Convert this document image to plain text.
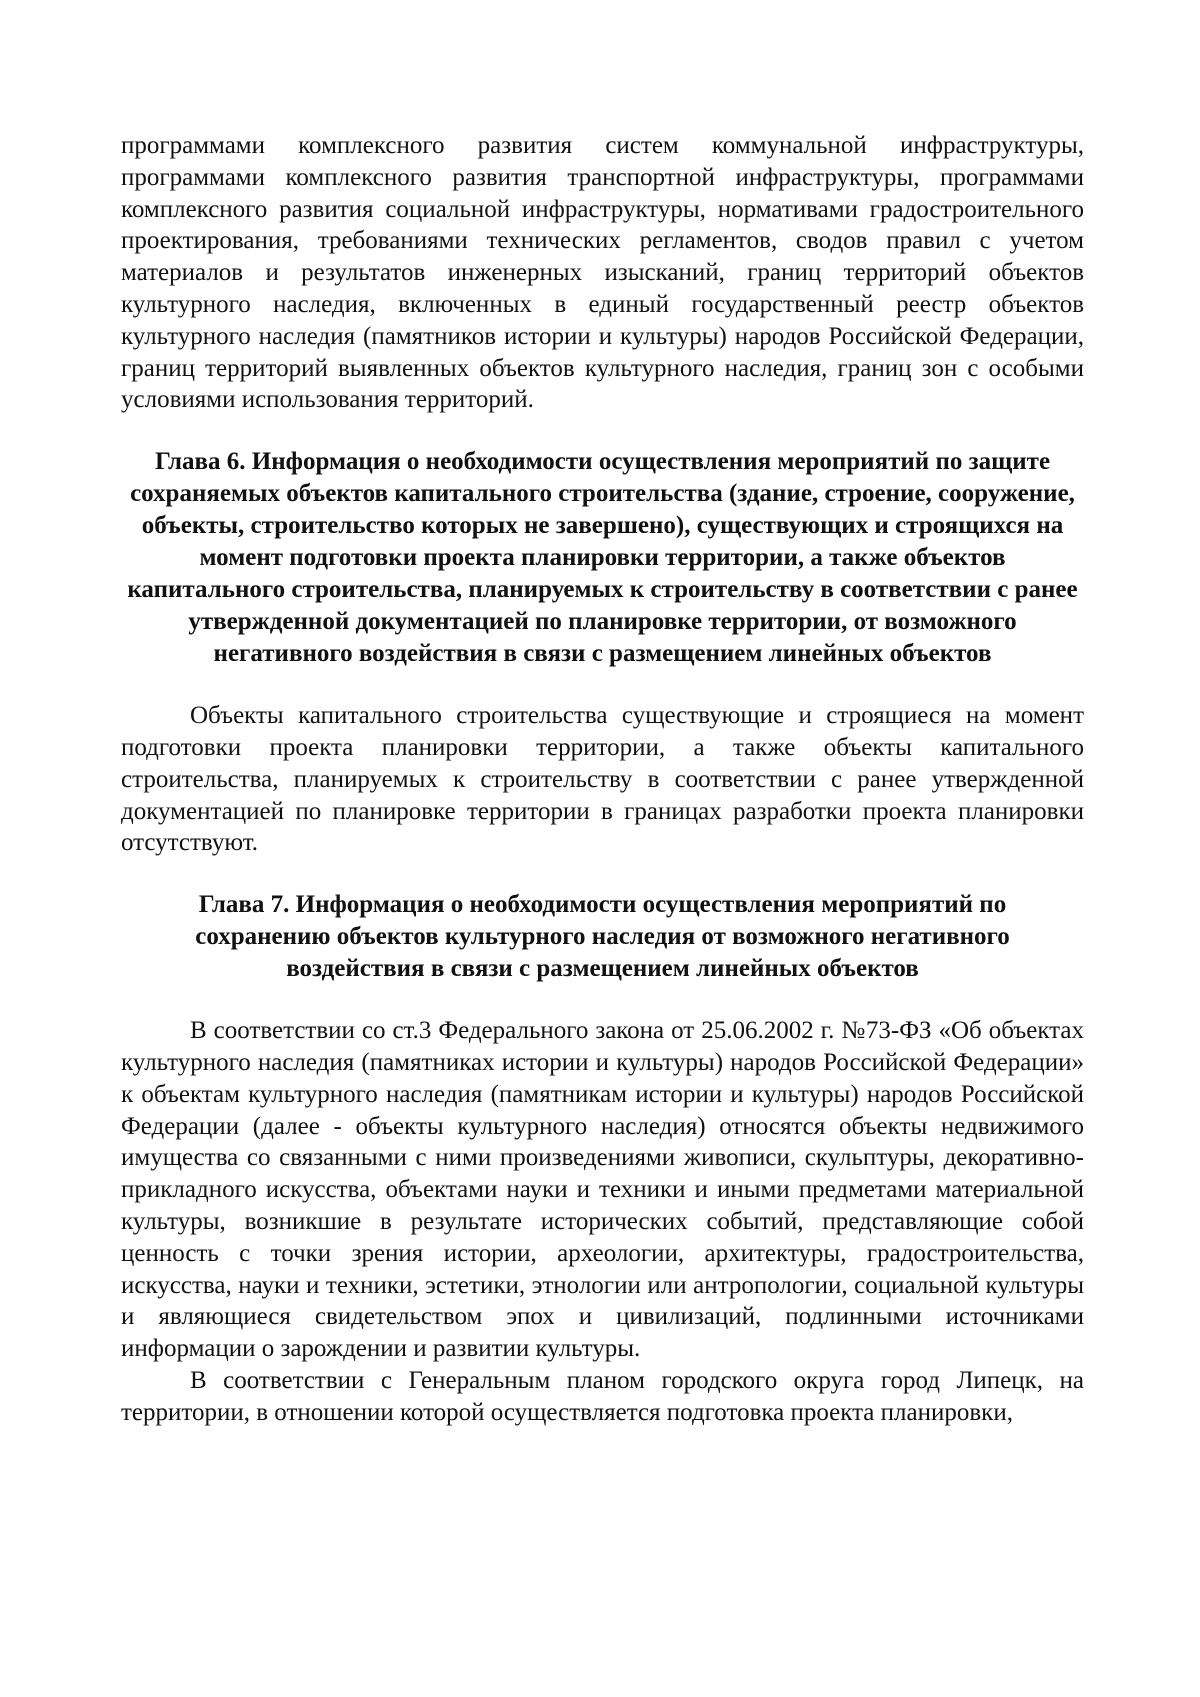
программами комплексного развития систем коммунальной инфраструктуры, программами комплексного развития транспортной инфраструктуры, программами комплексного развития социальной инфраструктуры, нормативами градостроительного проектирования, требованиями технических регламентов, сводов правил с учетом материалов и результатов инженерных изысканий, границ территорий объектов культурного наследия, включенных в единый государственный реестр объектов культурного наследия (памятников истории и культуры) народов Российской Федерации, границ территорий выявленных объектов культурного наследия, границ зон с особыми условиями использования территорий.

Глава 6. Информация о необходимости осуществления мероприятий по защите сохраняемых объектов капитального строительства (здание, строение, сооружение, объекты, строительство которых не завершено), существующих и строящихся на момент подготовки проекта планировки территории, а также объектов капитального строительства, планируемых к строительству в соответствии с ранее утвержденной документацией по планировке территории, от возможного негативного воздействия в связи с размещением линейных объектов

Объекты капитального строительства существующие и строящиеся на момент подготовки проекта планировки территории, а также объекты капитального строительства, планируемых к строительству в соответствии с ранее утвержденной документацией по планировке территории в границах разработки проекта планировки отсутствуют.

Глава 7. Информация о необходимости осуществления мероприятий по сохранению объектов культурного наследия от возможного негативного воздействия в связи с размещением линейных объектов

В соответствии со ст.3 Федерального закона от 25.06.2002 г. №73-ФЗ «Об объектах культурного наследия (памятниках истории и культуры) народов Российской Федерации» к объектам культурного наследия (памятникам истории и культуры) народов Российской Федерации (далее - объекты культурного наследия) относятся объекты недвижимого имущества со связанными с ними произведениями живописи, скульптуры, декоративно-прикладного искусства, объектами науки и техники и иными предметами материальной культуры, возникшие в результате исторических событий, представляющие собой ценность с точки зрения истории, археологии, архитектуры, градостроительства, искусства, науки и техники, эстетики, этнологии или антропологии, социальной культуры и являющиеся свидетельством эпох и цивилизаций, подлинными источниками информации о зарождении и развитии культуры.

В соответствии с Генеральным планом городского округа город Липецк, на территории, в отношении которой осуществляется подготовка проекта планировки,
